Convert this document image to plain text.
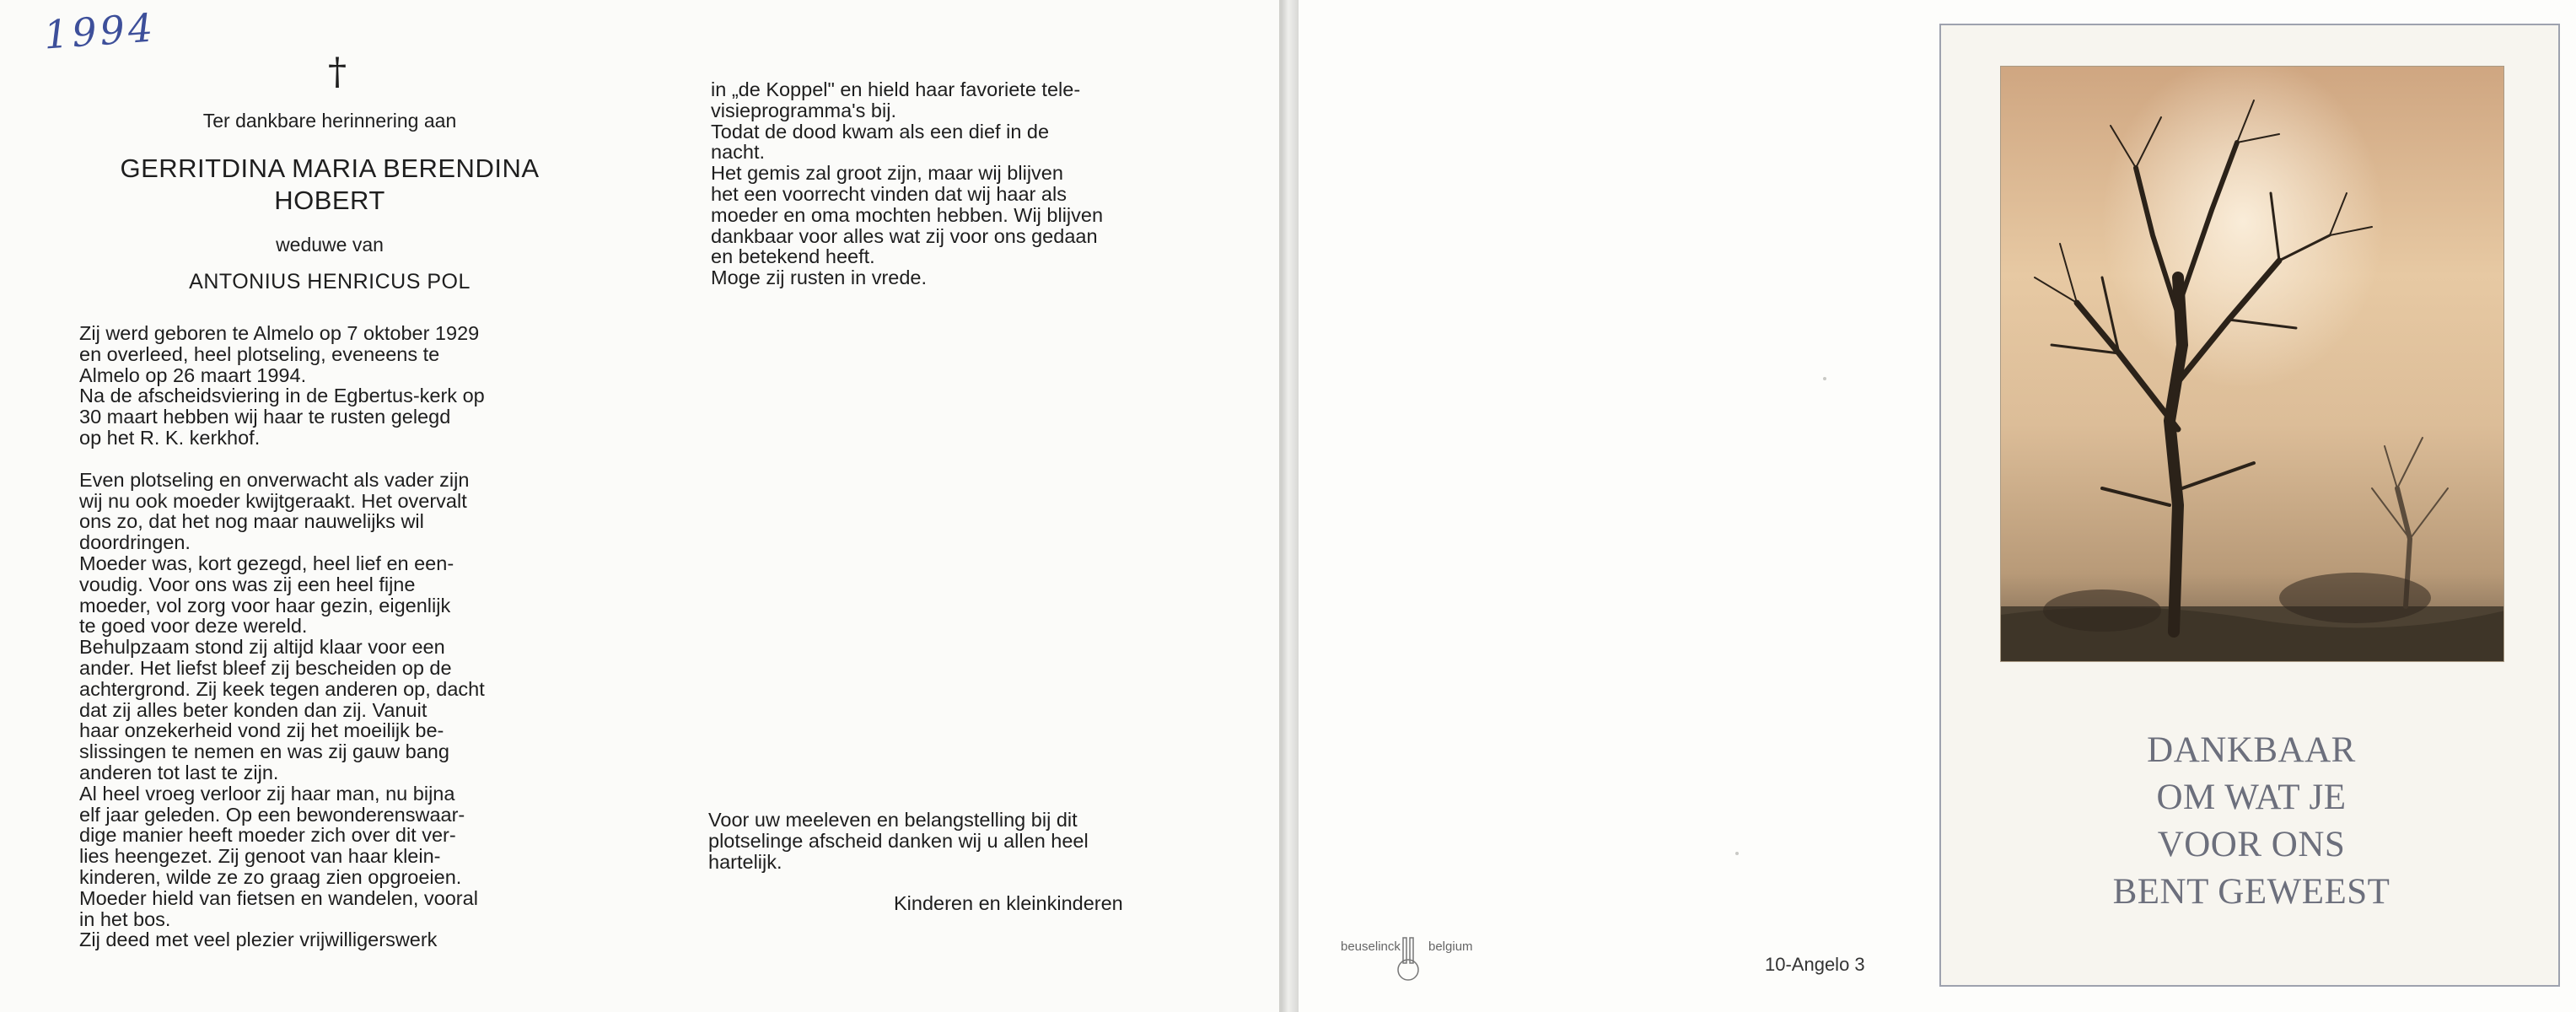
1994
†

Ter dankbare herinnering aan

GERRITDINA MARIA BERENDINA

HOBERT

weduwe van

ANTONIUS HENRICUS POL

Zij werd geboren te Almelo op 7 oktober 1929

en overleed, heel plotseling, eveneens te

Almelo op 26 maart 1994.

Na de afscheidsviering in de Egbertus-kerk op

30 maart hebben wij haar te rusten gelegd

op het R. K. kerkhof.

Even plotseling en onverwacht als vader zijn

wij nu ook moeder kwijtgeraakt. Het overvalt

ons zo, dat het nog maar nauwelijks wil

doordringen.

Moeder was, kort gezegd, heel lief en een-

voudig. Voor ons was zij een heel fijne

moeder, vol zorg voor haar gezin, eigenlijk

te goed voor deze wereld.

Behulpzaam stond zij altijd klaar voor een

ander. Het liefst bleef zij bescheiden op de

achtergrond. Zij keek tegen anderen op, dacht

dat zij alles beter konden dan zij. Vanuit

haar onzekerheid vond zij het moeilijk be-

slissingen te nemen en was zij gauw bang

anderen tot last te zijn.

Al heel vroeg verloor zij haar man, nu bijna

elf jaar geleden. Op een bewonderenswaar-

dige manier heeft moeder zich over dit ver-

lies heengezet. Zij genoot van haar klein-

kinderen, wilde ze zo graag zien opgroeien.

Moeder hield van fietsen en wandelen, vooral

in het bos.

Zij deed met veel plezier vrijwilligerswerk

in „de Koppel" en hield haar favoriete tele-

visieprogramma's bij.

Todat de dood kwam als een dief in de

nacht.

Het gemis zal groot zijn, maar wij blijven

het een voorrecht vinden dat wij haar als

moeder en oma mochten hebben. Wij blijven

dankbaar voor alles wat zij voor ons gedaan

en betekend heeft.

Moge zij rusten in vrede.

Voor uw meeleven en belangstelling bij dit

plotselinge afscheid danken wij u allen heel

hartelijk.

Kinderen en kleinkinderen
DANKBAAR
OM WAT JE
VOOR ONS
BENT GEWEEST
beuselinck belgium
10-Angelo 3
